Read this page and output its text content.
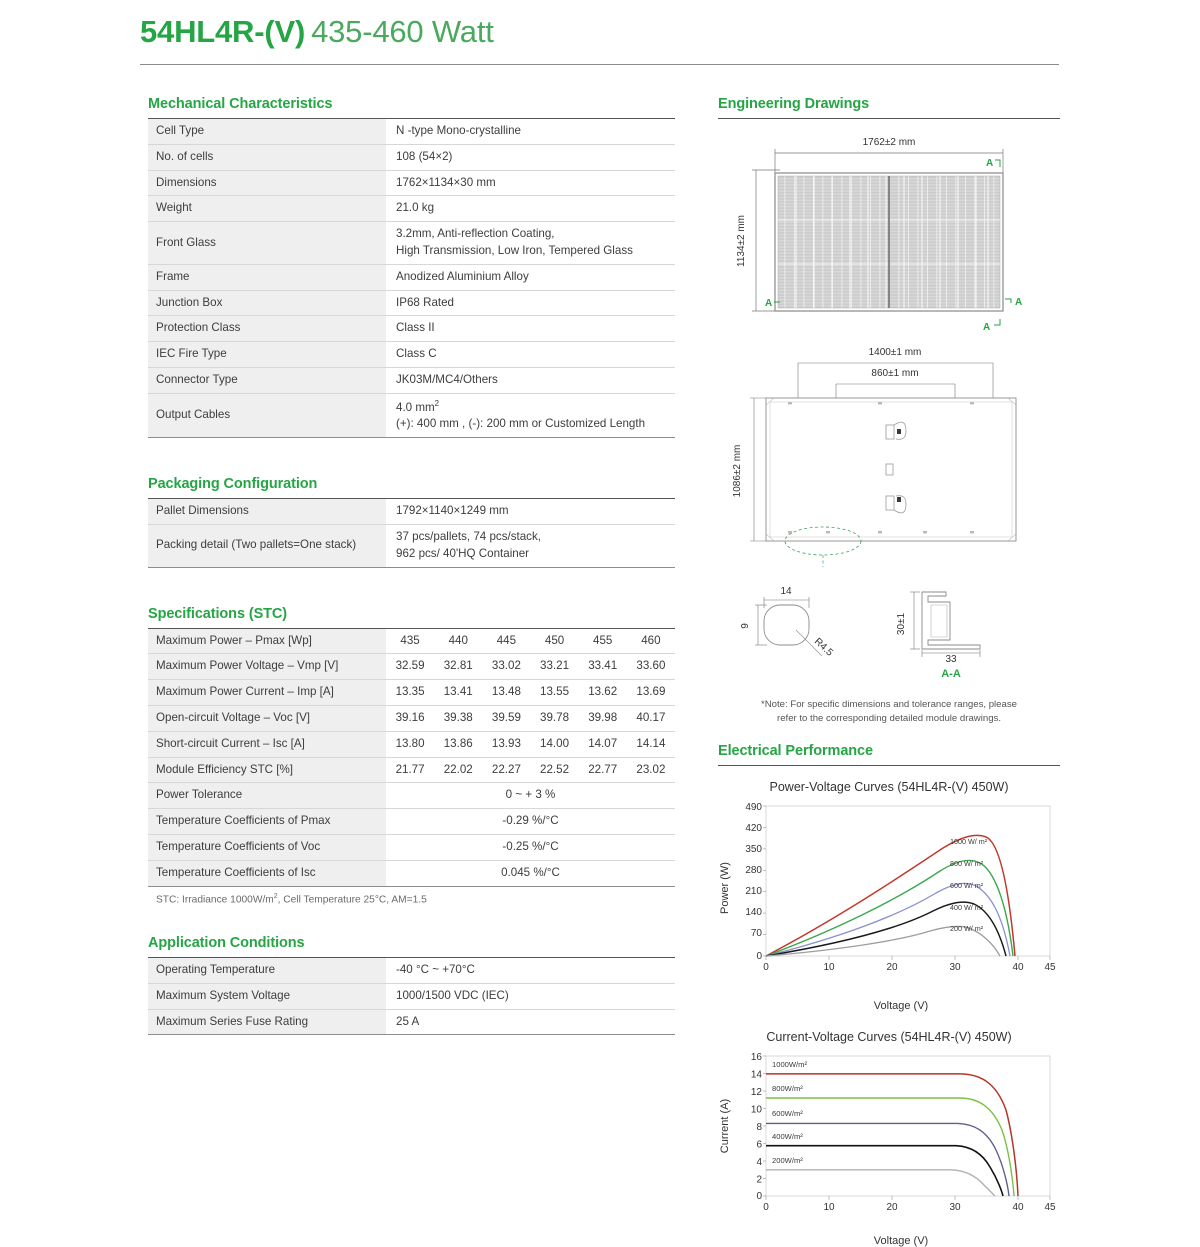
54HL4R-(V) 435-460 Watt
Mechanical Characteristics
Cell Type	N -type Mono-crystalline
No. of cells	108 (54×2)
Dimensions	1762×1134×30 mm
Weight	21.0 kg
Front Glass	3.2mm, Anti-reflection Coating,
High Transmission, Low Iron, Tempered Glass

Frame	Anodized Aluminium Alloy
Junction Box	IP68 Rated
Protection Class	Class II
IEC Fire Type	Class C
Connector Type	JK03M/MC4/Others
Output Cables	4.0 $mm^2$
(+): 400 mm , (-): 200 mm or Customized Length
Packaging Configuration
Pallet Dimensions	1792×1140×1249 mm
Packing detail (Two pallets=One stack)	37 pcs/pallets, 74 pcs/stack,
962 pcs/ 40'HQ Container
Specifications (STC)
Maximum Power – Pmax [Wp]	435	440	445	450	455	460
Maximum Power Voltage – Vmp [V]	32.59	32.81	33.02	33.21	33.41	33.60
Maximum Power Current – Imp [A]	13.35	13.41	13.48	13.55	13.62	13.69
Open-circuit Voltage – Voc [V]	39.16	39.38	39.59	39.78	39.98	40.17
Short-circuit Current – Isc [A]	13.80	13.86	13.93	14.00	14.07	14.14
Module Efficiency STC [%]	21.77	22.02	22.27	22.52	22.77	23.02
Power Tolerance	0 ~ + 3 %					
Temperature Coefficients of Pmax	-0.29 %/°C					
Temperature Coefficients of Voc	-0.25 %/°C					
Temperature Coefficients of Isc	0.045 %/°C					
STC: Irradiance $1000W/m^2$, Cell Temperature 25°C, AM=1.5
Application Conditions
Operating Temperature	-40 °C ~ +70°C
Maximum System Voltage	1000/1500 VDC (IEC)
Maximum Series Fuse Rating	25 A
Engineering Drawings
1762±2 mm
1134±2 mm
A
A	A
A
1400±1 mm
860±1 mm
1086±2 mm
14
9
R4.5
30±1
33
A-A
*Note: For specific dimensions and tolerance ranges, please
refer to the corresponding detailed module drawings.
Electrical Performance
Power-Voltage Curves (54HL4R-(V) 450W)
Power (W)
490
420
350
280
210
140
70
0
0	10	20	30	40 45
1000 W/ m²
800 W/ m²
600 W/ m²
400 W/ m²
200 W/ m²
Voltage (V)
Current-Voltage Curves (54HL4R-(V) 450W)
Current (A)
16
14
12
10
8
6
4
2
0
0	10	20	30	40 45
1000W/m²
800W/m²
600W/m²
400W/m²
200W/m²
Voltage (V)
